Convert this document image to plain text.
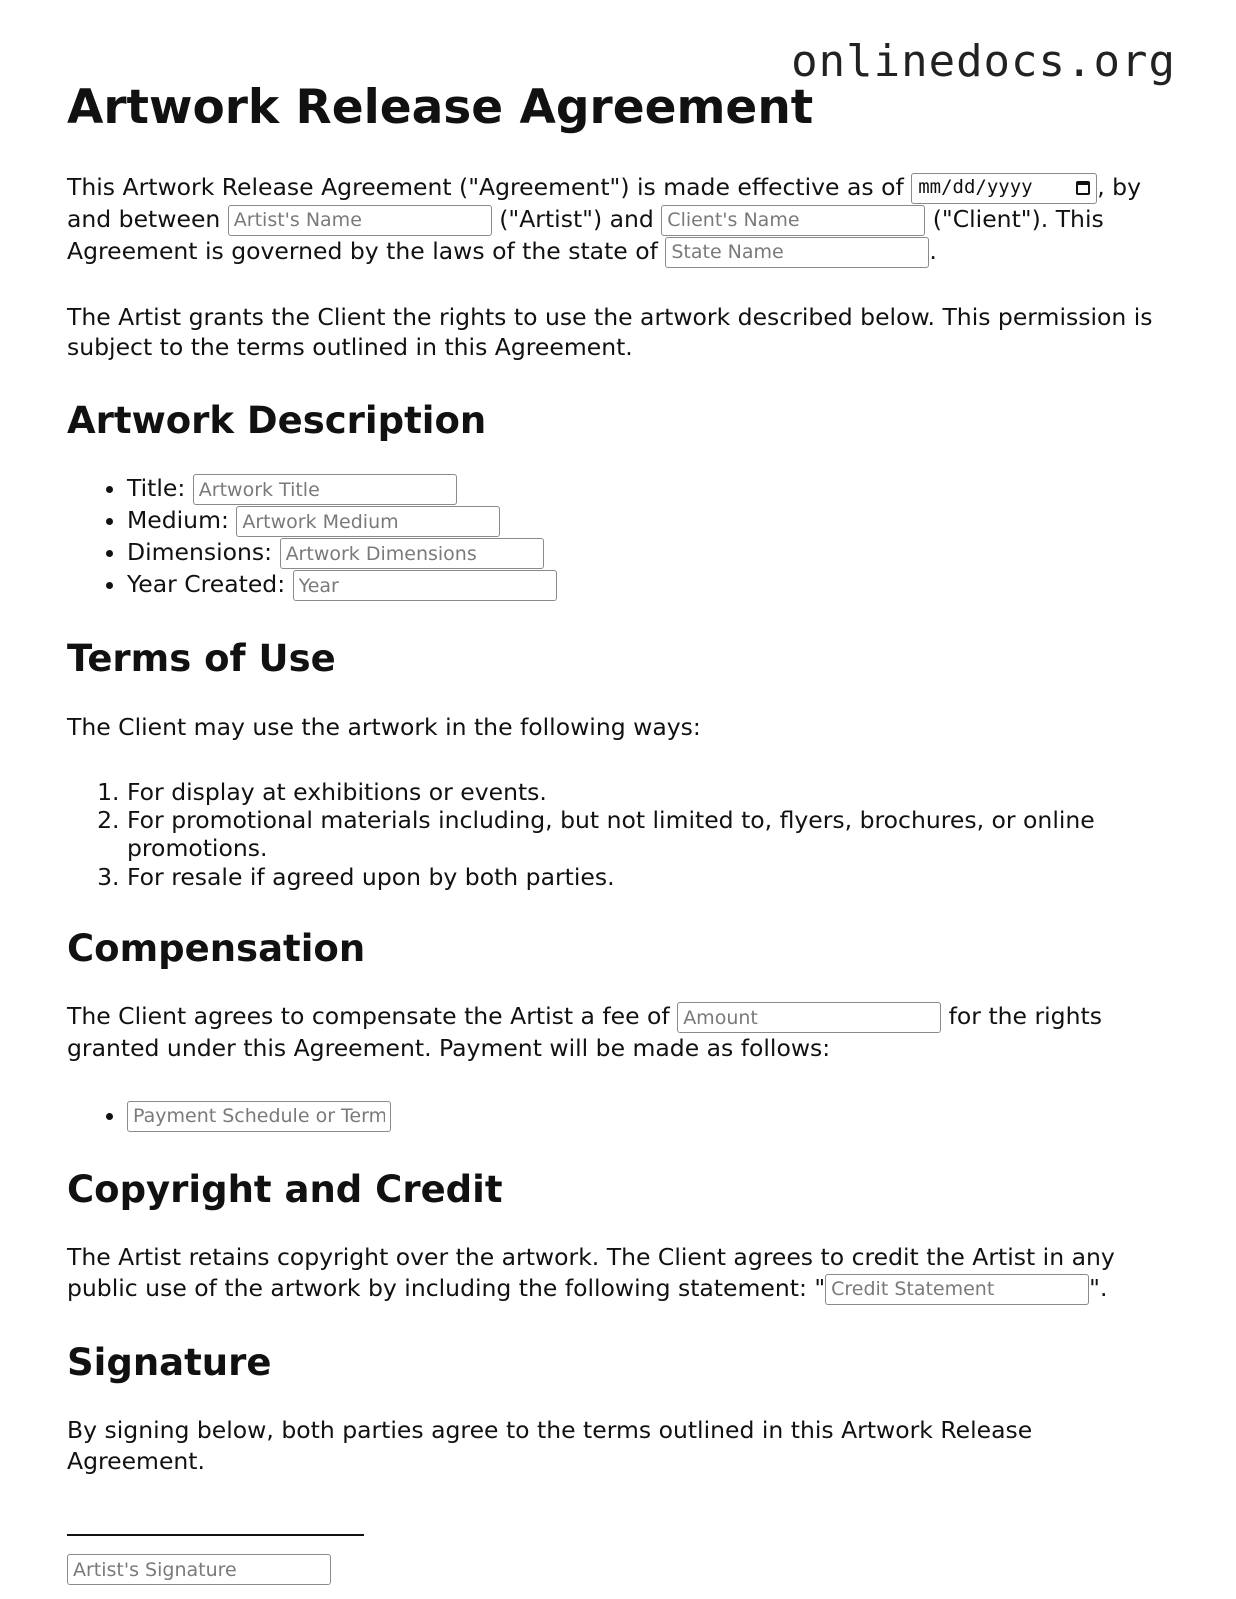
onlinedocs.org
Artwork Release Agreement

This Artwork Release Agreement ("Agreement") is made effective as of mm/dd/yyyy	, by and between Artist's Name	("Artist") and Client's Name	("Client"). This Agreement is governed by the laws of the state of State Name	.

The Artist grants the Client the rights to use the artwork described below. This permission is subject to the terms outlined in this Agreement.

Artwork Description
• Title: Artwork Title
• Medium: Artwork Medium
• Dimensions: Artwork Dimensions
• Year Created: Year
Terms of Use

The Client may use the artwork in the following ways:

1. For display at exhibitions or events.
2. For promotional materials including, but not limited to, flyers, brochures, or online promotions.
3. For resale if agreed upon by both parties.
Compensation

The Client agrees to compensate the Artist a fee of Amount	for the rights granted under this Agreement. Payment will be made as follows:

• Payment Schedule or Terms
Copyright and Credit

The Artist retains copyright over the artwork. The Client agrees to credit the Artist in any public use of the artwork by including the following statement: "Credit Statement	".

Signature

By signing below, both parties agree to the terms outlined in this Artwork Release Agreement.

Artist's Signature
